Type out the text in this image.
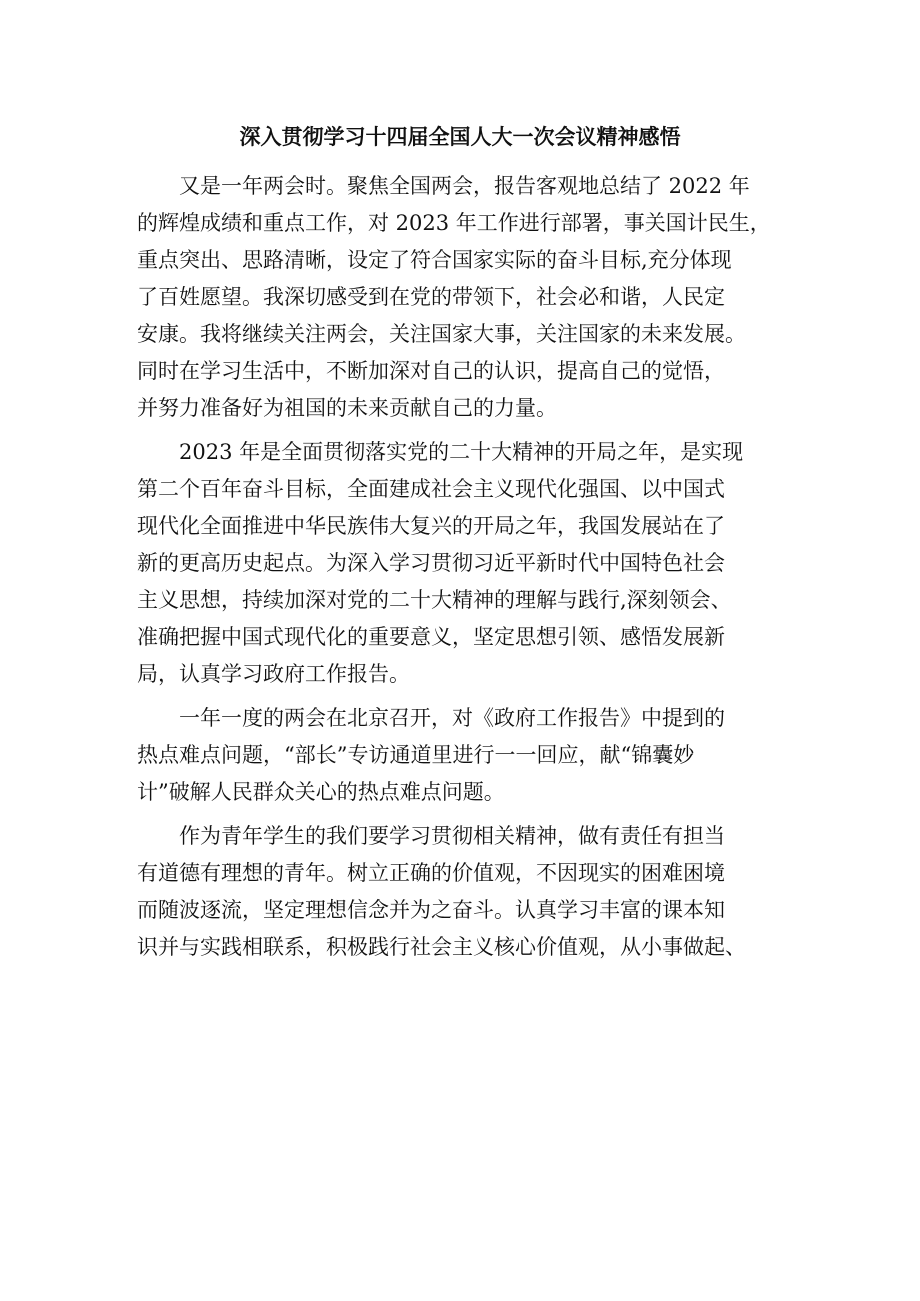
深入贯彻学习十四届全国人大一次会议精神感悟
又是一年两会时。聚焦全国两会，报告客观地总结了 2022 年
的辉煌成绩和重点工作，对 2023 年工作进行部署，事关国计民生，
重点突出、思路清晰，设定了符合国家实际的奋斗目标,充分体现
了百姓愿望。我深切感受到在党的带领下，社会必和谐，人民定
安康。我将继续关注两会，关注国家大事，关注国家的未来发展。
同时在学习生活中，不断加深对自己的认识，提高自己的觉悟，
并努力准备好为祖国的未来贡献自己的力量。
2023 年是全面贯彻落实党的二十大精神的开局之年，是实现
第二个百年奋斗目标，全面建成社会主义现代化强国、以中国式
现代化全面推进中华民族伟大复兴的开局之年，我国发展站在了
新的更高历史起点。为深入学习贯彻习近平新时代中国特色社会
主义思想，持续加深对党的二十大精神的理解与践行,深刻领会、
准确把握中国式现代化的重要意义，坚定思想引领、感悟发展新
局，认真学习政府工作报告。
一年一度的两会在北京召开，对《政府工作报告》中提到的
热点难点问题，“部长”专访通道里进行一一回应，献“锦囊妙
计”破解人民群众关心的热点难点问题。
作为青年学生的我们要学习贯彻相关精神，做有责任有担当
有道德有理想的青年。树立正确的价值观，不因现实的困难困境
而随波逐流，坚定理想信念并为之奋斗。认真学习丰富的课本知
识并与实践相联系，积极践行社会主义核心价值观，从小事做起、
